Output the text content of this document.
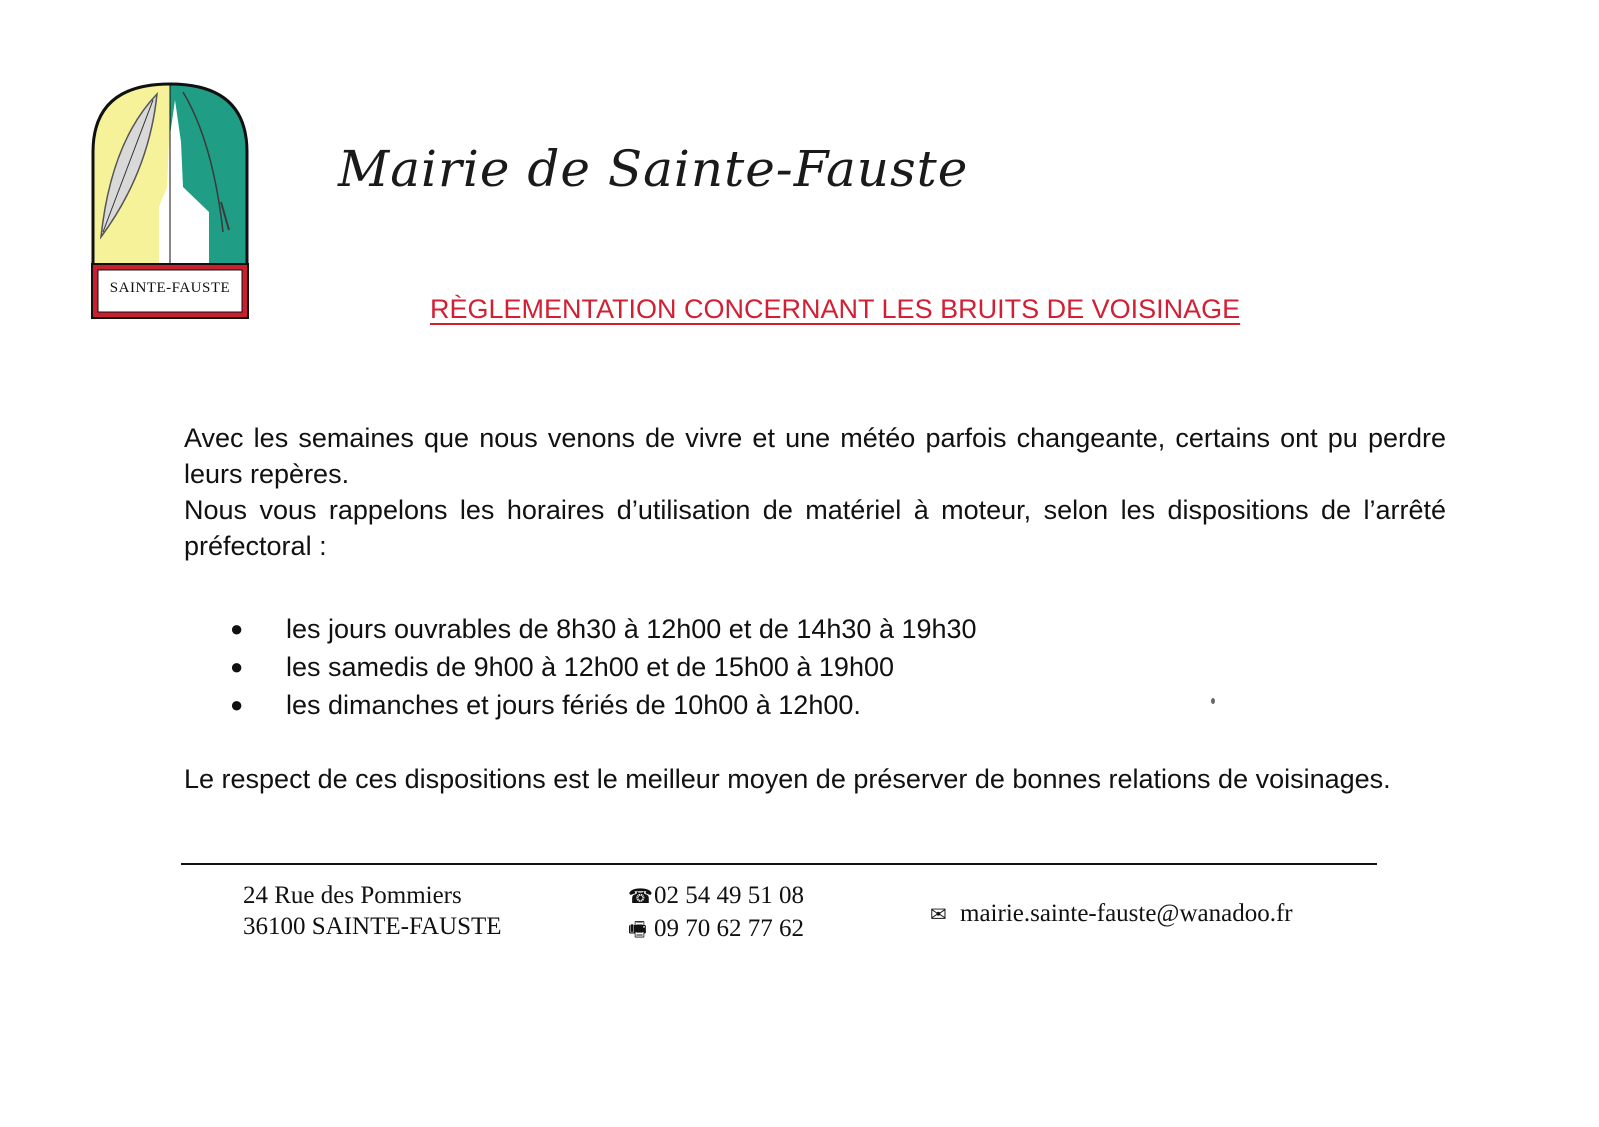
SAINTE-FAUSTE
Mairie de Sainte-Fauste
RÈGLEMENTATION CONCERNANT LES BRUITS DE VOISINAGE

Avec les semaines que nous venons de vivre et une météo parfois changeante, certains ont pu perdre leurs repères.

Nous vous rappelons les horaires d’utilisation de matériel à moteur, selon les dispositions de l’arrêté préfectoral :

● les jours ouvrables de 8h30 à 12h00 et de 14h30 à 19h30
● les samedis de 9h00 à 12h00 et de 15h00 à 19h00
● les dimanches et jours fériés de 10h00 à 12h00.
Le respect de ces dispositions est le meilleur moyen de préserver de bonnes relations de voisinages.
24 Rue des Pommiers
36100 SAINTE-FAUSTE
☎02 54 49 51 08
🖷 09 70 62 77 62	✉ mairie.sainte-fauste@wanadoo.fr
